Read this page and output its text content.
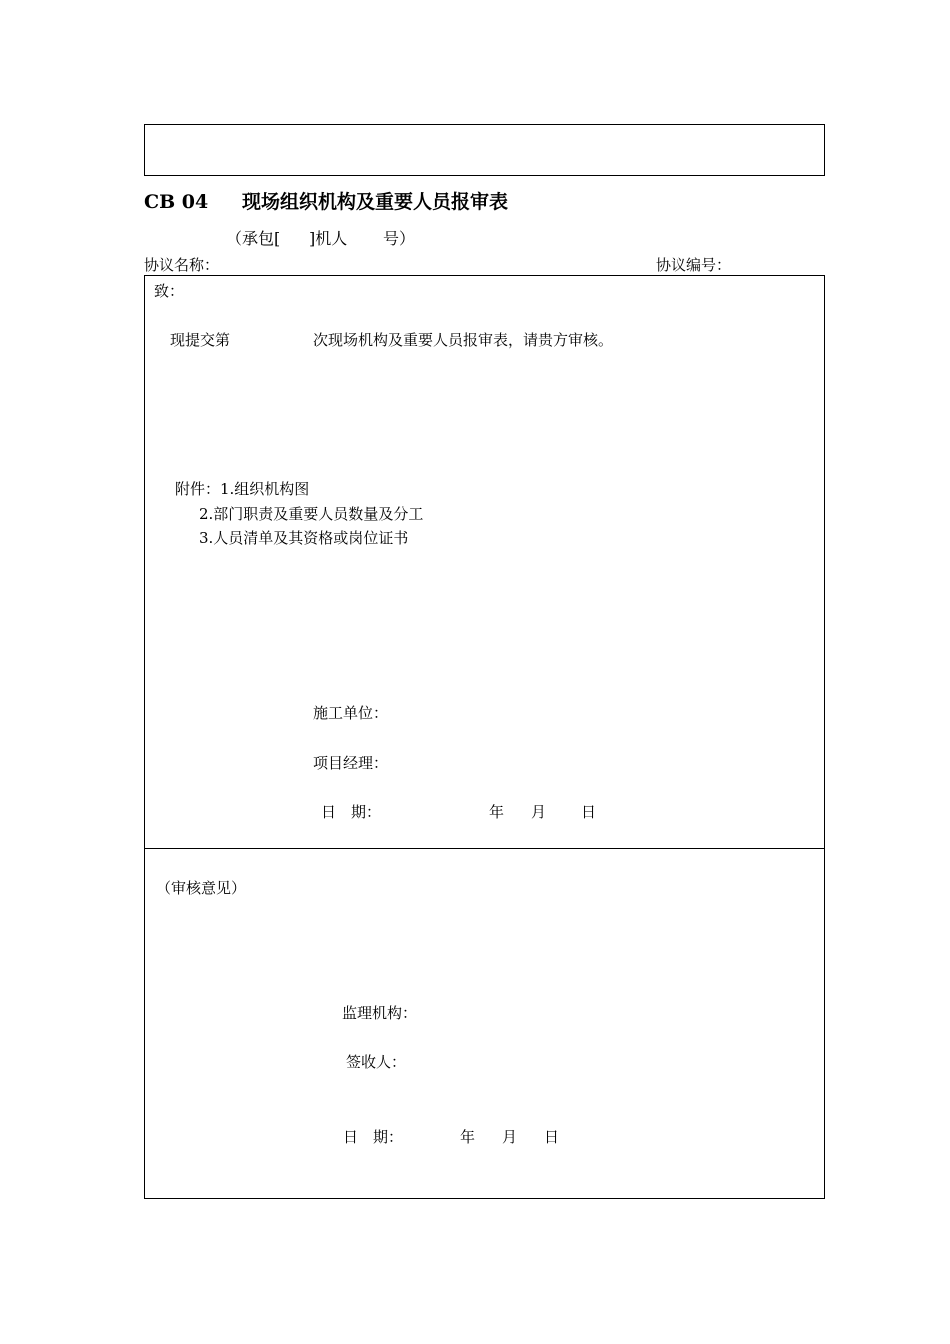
CB 04 现场组织机构及重要人员报审表
（承包[ ]机人 号）
协议名称：	协议编号：
致：
现提交第	次现场机构及重要人员报审表，请贵方审核。
附件：1.组织机构图
2.部门职责及重要人员数量及分工
3.人员清单及其资格或岗位证书
施工单位：
项目经理：
日　期：	年 月 日
（审核意见）
监理机构：
签收人：
日　期：	年 月 日
